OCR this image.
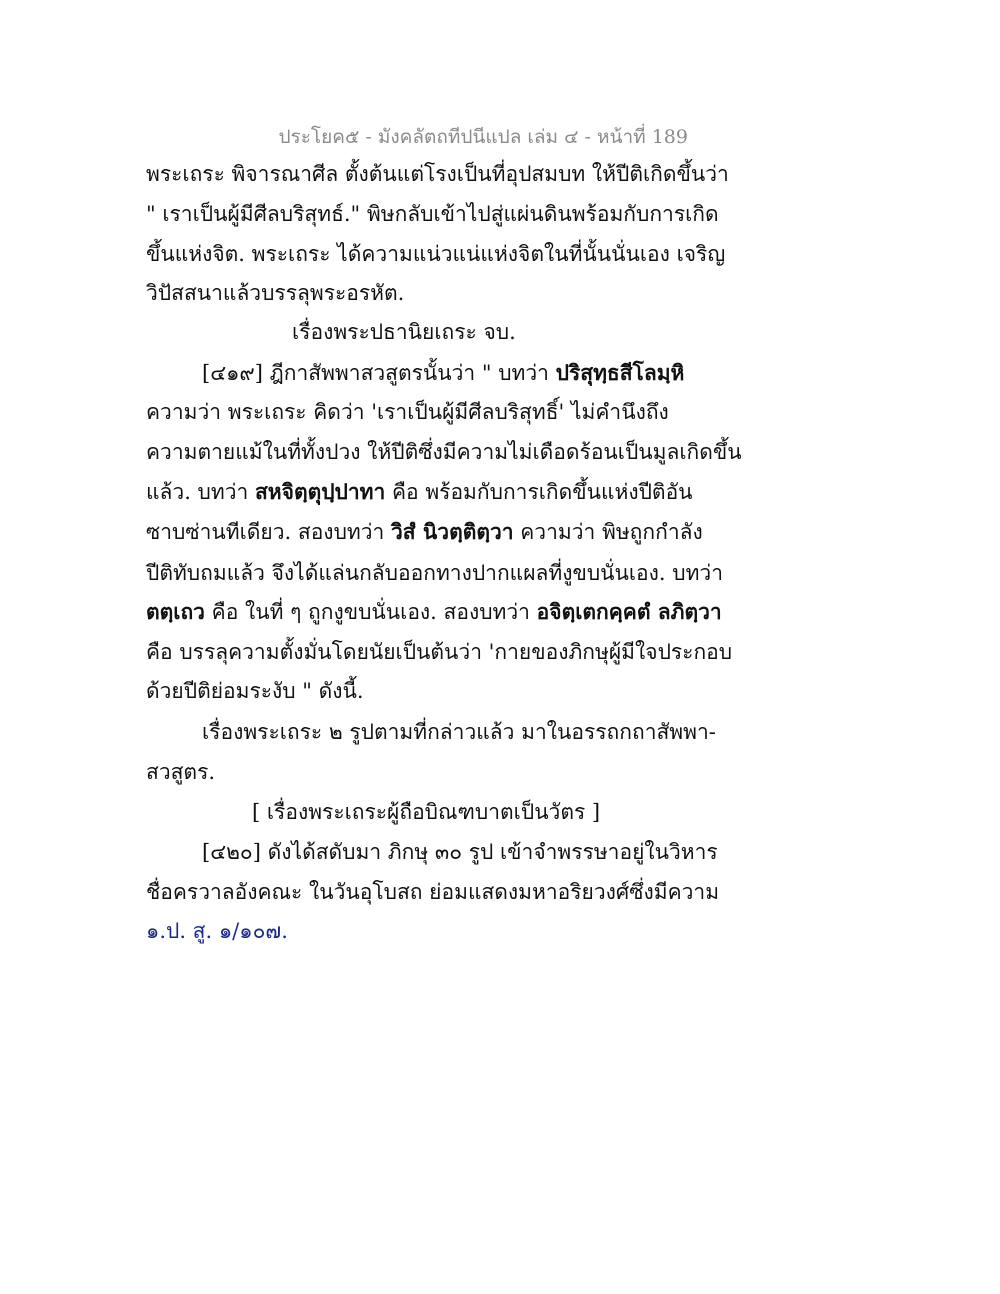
ประโยค๕ - มังคลัตถทีปนีแปล เล่ม ๔ - หน้าที่ 189
พระเถระ พิจารณาศีล ตั้งต้นแต่โรงเป็นที่อุปสมบท ให้ปีติเกิดขึ้นว่า
" เราเป็นผู้มีศีลบริสุทธ์." พิษกลับเข้าไปสู่แผ่นดินพร้อมกับการเกิด
ขึ้นแห่งจิต. พระเถระ ได้ความแน่วแน่แห่งจิตในที่นั้นนั่นเอง เจริญ
วิปัสสนาแล้วบรรลุพระอรหัต.
เรื่องพระปธานิยเถระ จบ.
[๔๑๙] ฎีกาสัพพาสวสูตรนั้นว่า " บทว่า ปริสุทฺธสีโลมฺหิ
ความว่า พระเถระ คิดว่า 'เราเป็นผู้มีศีลบริสุทธิ์' ไม่คำนึงถึง
ความตายแม้ในที่ทั้งปวง ให้ปีติซึ่งมีความไม่เดือดร้อนเป็นมูลเกิดขึ้น
แล้ว. บทว่า สหจิตฺตุปฺปาทา คือ พร้อมกับการเกิดขึ้นแห่งปีติอัน
ซาบซ่านทีเดียว. สองบทว่า วิสํ นิวตฺติตฺวา ความว่า พิษถูกกำลัง
ปีติทับถมแล้ว จึงได้แล่นกลับออกทางปากแผลที่งูขบนั่นเอง. บทว่า
ตตฺเถว คือ ในที่ ๆ ถูกงูขบนั่นเอง. สองบทว่า อจิตฺเตกคฺคตํ ลภิตฺวา
คือ บรรลุความตั้งมั่นโดยนัยเป็นต้นว่า 'กายของภิกษุผู้มีใจประกอบ
ด้วยปีติย่อมระงับ " ดังนี้.
เรื่องพระเถระ ๒ รูปตามที่กล่าวแล้ว มาในอรรถกถาสัพพา-
สวสูตร.
[ เรื่องพระเถระผู้ถือบิณฑบาตเป็นวัตร ]
[๔๒๐] ดังได้สดับมา ภิกษุ ๓๐ รูป เข้าจำพรรษาอยู่ในวิหาร
ชื่อครวาลอังคณะ ในวันอุโบสถ ย่อมแสดงมหาอริยวงศ์ซึ่งมีความ
๑.ป. สู. ๑/๑๐๗.
